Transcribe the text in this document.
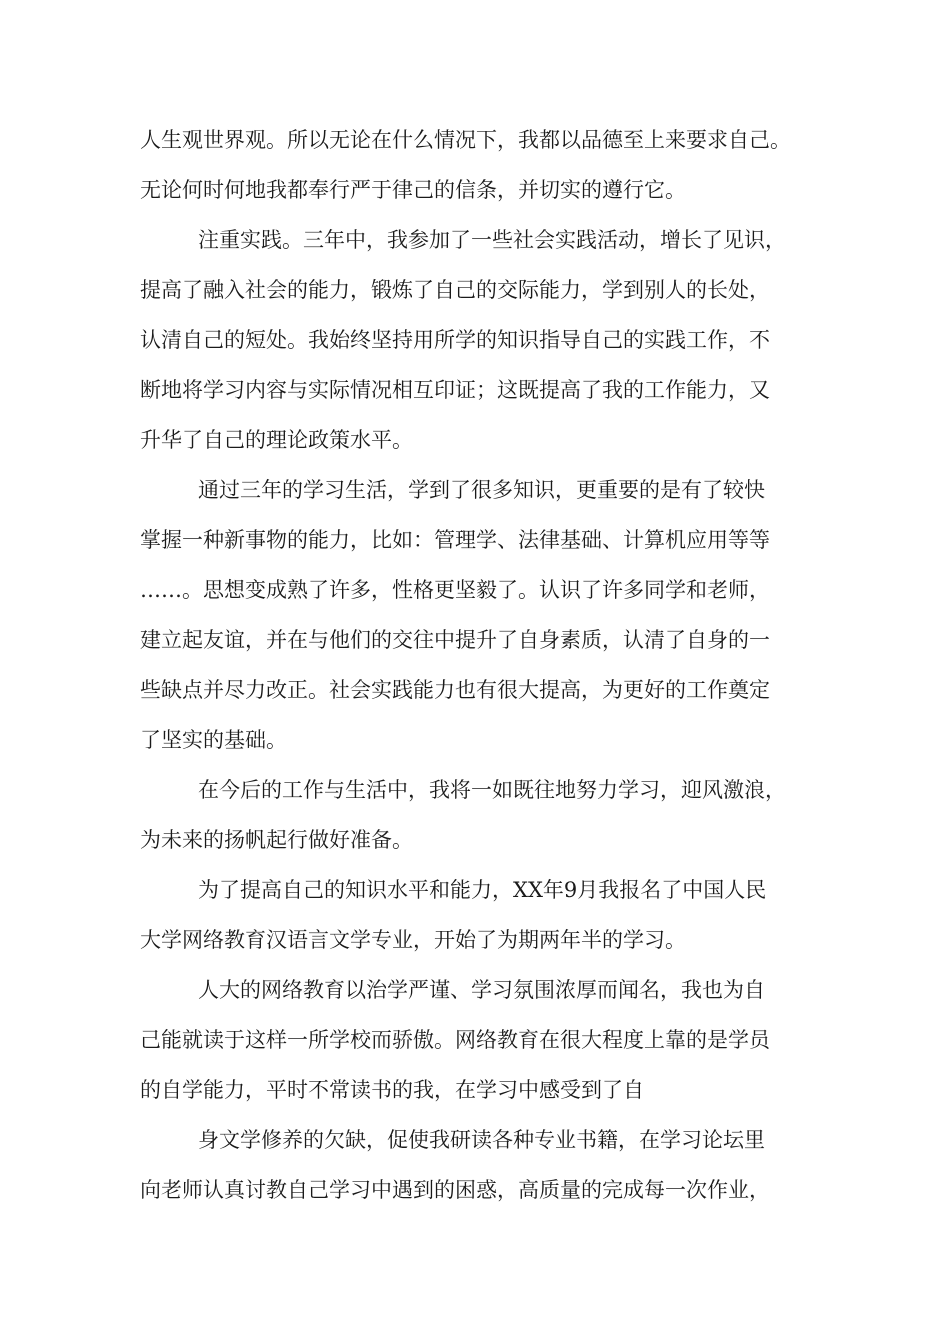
人生观世界观。所以无论在什么情况下，我都以品德至上来要求自己。
无论何时何地我都奉行严于律己的信条，并切实的遵行它。
注重实践。三年中，我参加了一些社会实践活动，增长了见识，
提高了融入社会的能力，锻炼了自己的交际能力，学到别人的长处，
认清自己的短处。我始终坚持用所学的知识指导自己的实践工作，不
断地将学习内容与实际情况相互印证；这既提高了我的工作能力，又
升华了自己的理论政策水平。
通过三年的学习生活，学到了很多知识，更重要的是有了较快
掌握一种新事物的能力，比如：管理学、法律基础、计算机应用等等
……。思想变成熟了许多，性格更坚毅了。认识了许多同学和老师，
建立起友谊，并在与他们的交往中提升了自身素质，认清了自身的一
些缺点并尽力改正。社会实践能力也有很大提高，为更好的工作奠定
了坚实的基础。
在今后的工作与生活中，我将一如既往地努力学习，迎风激浪，
为未来的扬帆起行做好准备。
为了提高自己的知识水平和能力，XX年9月我报名了中国人民
大学网络教育汉语言文学专业，开始了为期两年半的学习。
人大的网络教育以治学严谨、学习氛围浓厚而闻名，我也为自
己能就读于这样一所学校而骄傲。网络教育在很大程度上靠的是学员
的自学能力，平时不常读书的我，在学习中感受到了自
身文学修养的欠缺，促使我研读各种专业书籍，在学习论坛里
向老师认真讨教自己学习中遇到的困惑，高质量的完成每一次作业，
